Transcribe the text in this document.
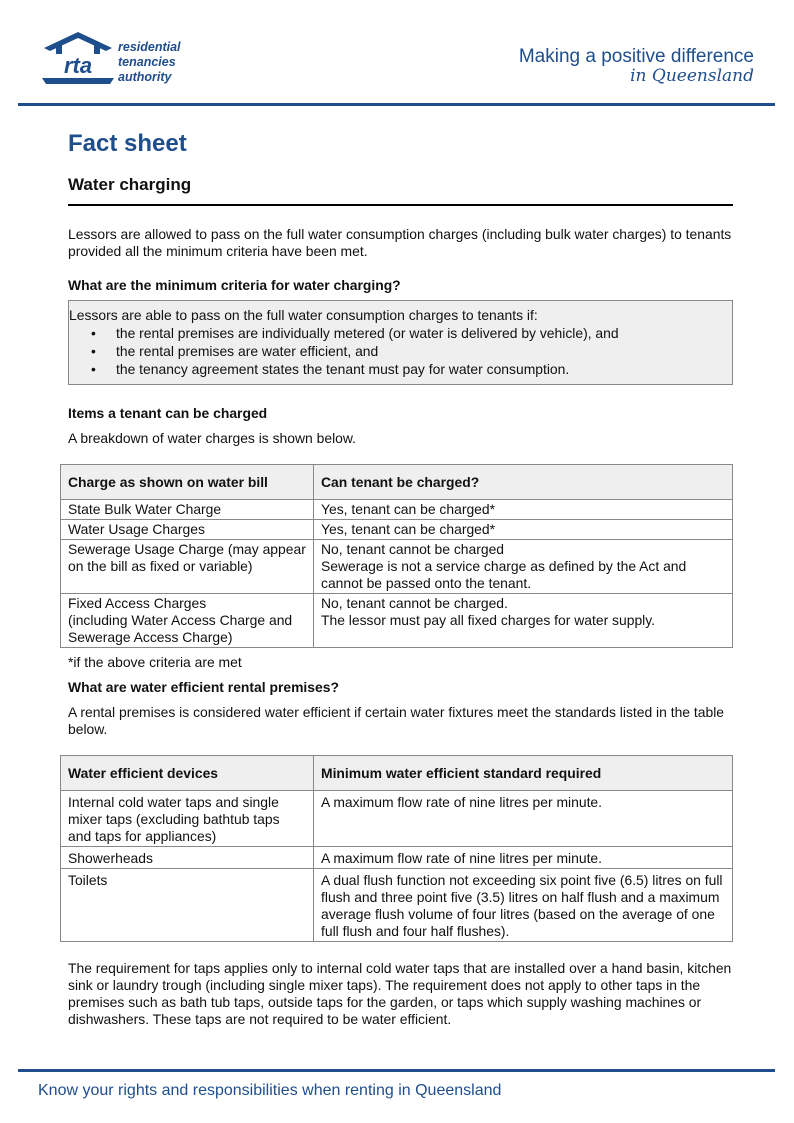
rta
residential
tenancies
authority
Making a positive difference
in Queensland
Fact sheet
Water charging

Lessors are allowed to pass on the full water consumption charges (including bulk water charges) to tenants provided all the minimum criteria have been met.

What are the minimum criteria for water charging?
Lessors are able to pass on the full water consumption charges to tenants if:
• the rental premises are individually metered (or water is delivered by vehicle), and
• the rental premises are water efficient, and
• the tenancy agreement states the tenant must pay for water consumption.
Items a tenant can be charged

A breakdown of water charges is shown below.

Charge as shown on water bill	Can tenant be charged?
State Bulk Water Charge	Yes, tenant can be charged*
Water Usage Charges	Yes, tenant can be charged*
Sewerage Usage Charge (may appear on the bill as fixed or variable)	No, tenant cannot be charged
Sewerage is not a service charge as defined by the Act and cannot be passed onto the tenant.
Fixed Access Charges
(including Water Access Charge and Sewerage Access Charge)	No, tenant cannot be charged.
The lessor must pay all fixed charges for water supply.

*if the above criteria are met

What are water efficient rental premises?

A rental premises is considered water efficient if certain water fixtures meet the standards listed in the table below.

Water efficient devices	Minimum water efficient standard required
Internal cold water taps and single mixer taps (excluding bathtub taps and taps for appliances)	A maximum flow rate of nine litres per minute.
Showerheads	A maximum flow rate of nine litres per minute.
Toilets	A dual flush function not exceeding six point five (6.5) litres on full flush and three point five (3.5) litres on half flush and a maximum average flush volume of four litres (based on the average of one full flush and four half flushes).

The requirement for taps applies only to internal cold water taps that are installed over a hand basin, kitchen sink or laundry trough (including single mixer taps). The requirement does not apply to other taps in the premises such as bath tub taps, outside taps for the garden, or taps which supply washing machines or dishwashers. These taps are not required to be water efficient.

Know your rights and responsibilities when renting in Queensland
